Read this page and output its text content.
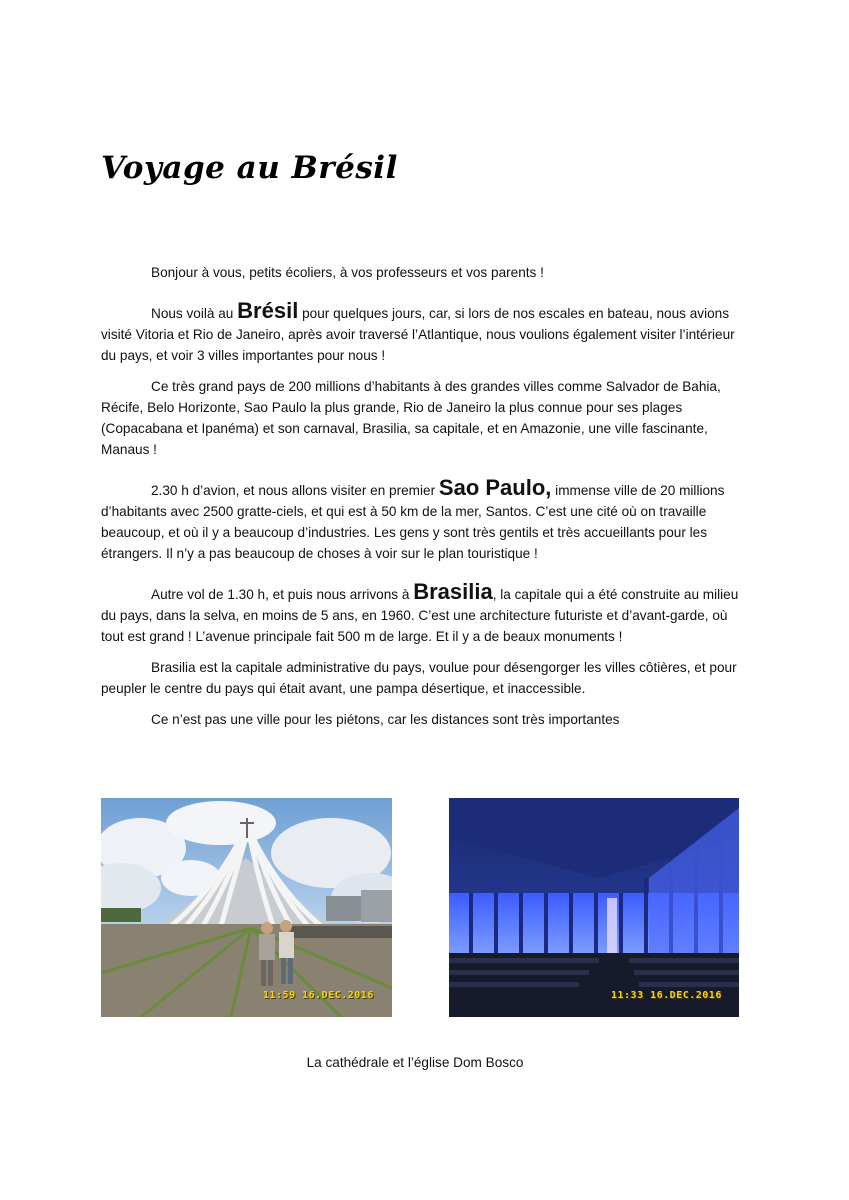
Voyage au Brésil

Bonjour à vous, petits écoliers, à vos professeurs et vos parents !

Nous voilà au Brésil pour quelques jours, car, si lors de nos escales en bateau, nous avions visité Vitoria et Rio de Janeiro, après avoir traversé l’Atlantique, nous voulions également visiter l’intérieur du pays, et voir 3 villes importantes pour nous !

Ce très grand pays de 200 millions d’habitants à des grandes villes comme Salvador de Bahia, Récife, Belo Horizonte, Sao Paulo la plus grande, Rio de Janeiro la plus connue pour ses plages (Copacabana et Ipanéma) et son carnaval, Brasilia, sa capitale, et en Amazonie, une ville fascinante, Manaus !

2.30 h d’avion, et nous allons visiter en premier Sao Paulo, immense ville de 20 millions d’habitants avec 2500 gratte-ciels, et qui est à 50 km de la mer, Santos. C’est une cité où on travaille beaucoup, et où il y a beaucoup d’industries. Les gens y sont très gentils et très accueillants pour les étrangers. Il n’y a pas beaucoup de choses à voir sur le plan touristique !

Autre vol de 1.30 h, et puis nous arrivons à Brasilia, la capitale qui a été construite au milieu du pays, dans la selva, en moins de 5 ans, en 1960. C’est une architecture futuriste et d’avant-garde, où tout est grand ! L’avenue principale fait 500 m de large. Et il y a de beaux monuments !

Brasilia est la capitale administrative du pays, voulue pour désengorger les villes côtières, et pour peupler le centre du pays qui était avant, une pampa désertique, et inaccessible.

Ce n’est pas une ville pour les piétons, car les distances sont très importantes

11:59 16.DEC.2016	11:33 16.DEC.2016
La cathédrale et l’église Dom Bosco
